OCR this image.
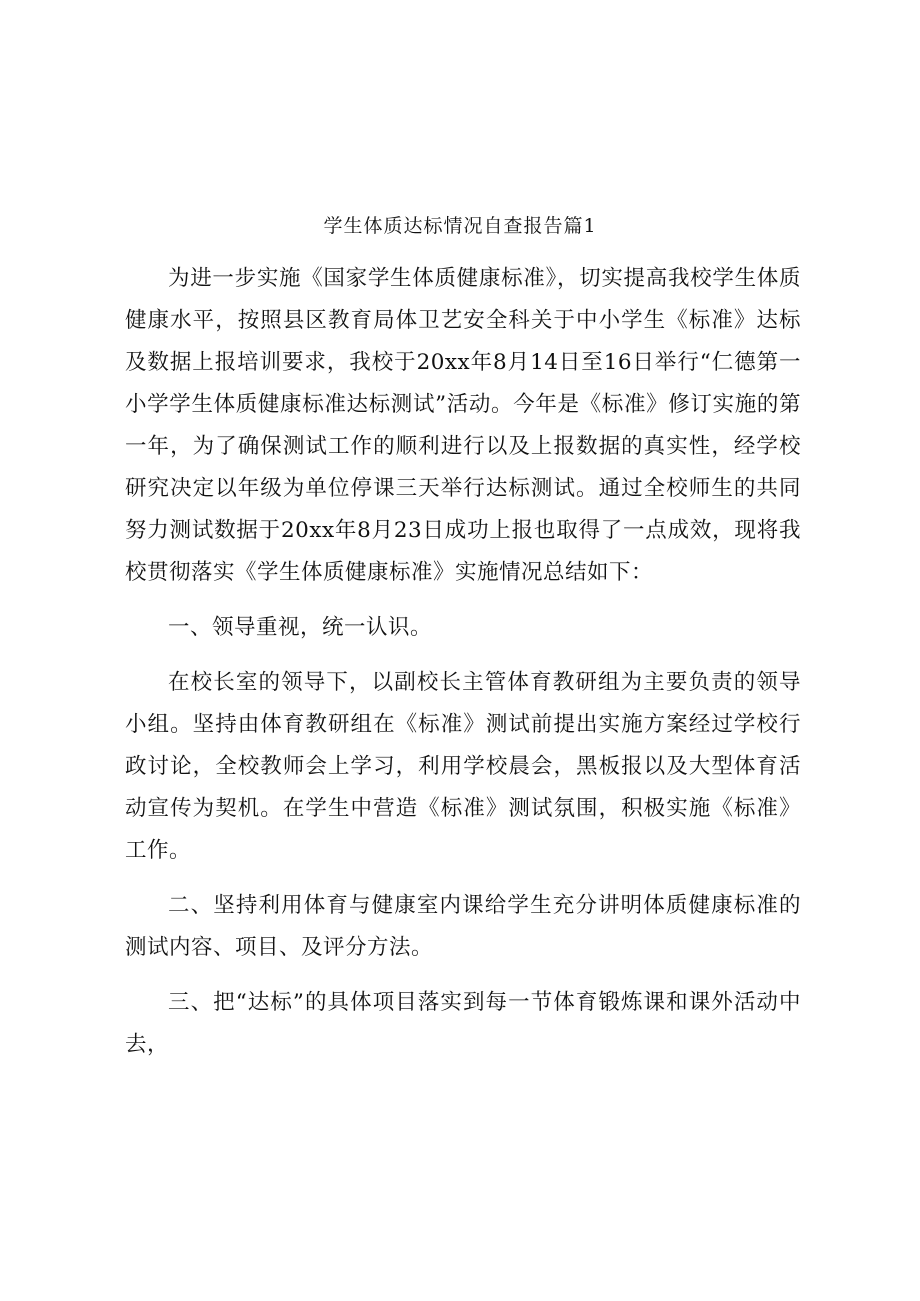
学生体质达标情况自查报告篇1

为进一步实施《国家学生体质健康标准》，切实提高我校学生体质健康水平，按照县区教育局体卫艺安全科关于中小学生《标准》达标及数据上报培训要求，我校于20xx年8月14日至16日举行“仁德第一小学学生体质健康标准达标测试”活动。今年是《标准》修订实施的第一年，为了确保测试工作的顺利进行以及上报数据的真实性，经学校研究决定以年级为单位停课三天举行达标测试。通过全校师生的共同努力测试数据于20xx年8月23日成功上报也取得了一点成效，现将我校贯彻落实《学生体质健康标准》实施情况总结如下：

一、领导重视，统一认识。

在校长室的领导下，以副校长主管体育教研组为主要负责的领导小组。坚持由体育教研组在《标准》测试前提出实施方案经过学校行政讨论，全校教师会上学习，利用学校晨会，黑板报以及大型体育活动宣传为契机。在学生中营造《标准》测试氛围，积极实施《标准》工作。

二、坚持利用体育与健康室内课给学生充分讲明体质健康标准的测试内容、项目、及评分方法。

三、把“达标”的具体项目落实到每一节体育锻炼课和课外活动中去，
